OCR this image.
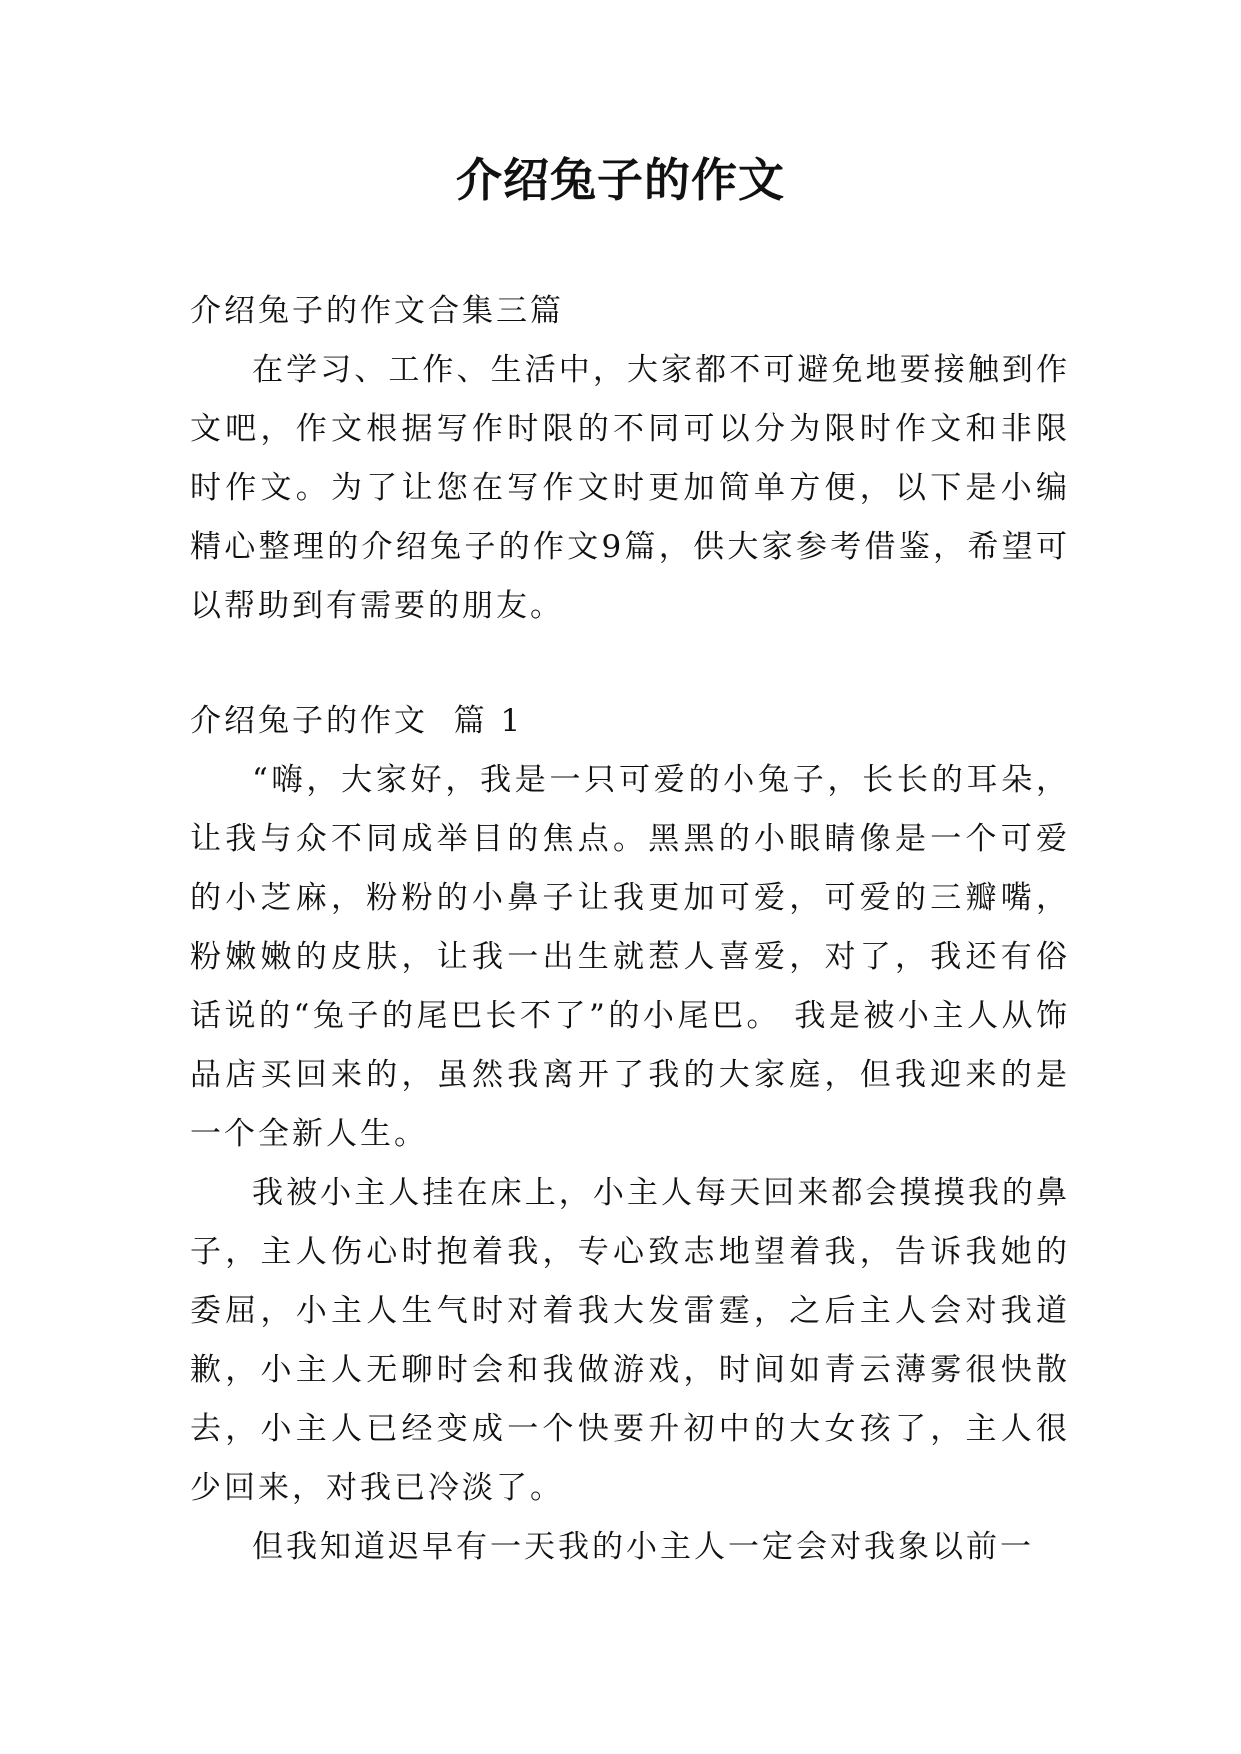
介绍兔子的作文

介绍兔子的作文合集三篇

在学习、工作、生活中，大家都不可避免地要接触到作文吧，作文根据写作时限的不同可以分为限时作文和非限时作文。为了让您在写作文时更加简单方便，以下是小编精心整理的介绍兔子的作文9篇，供大家参考借鉴，希望可以帮助到有需要的朋友。

介绍兔子的作文  篇 1

“嗨，大家好，我是一只可爱的小兔子，长长的耳朵，让我与众不同成举目的焦点。黑黑的小眼睛像是一个可爱的小芝麻，粉粉的小鼻子让我更加可爱，可爱的三瓣嘴，粉嫩嫩的皮肤，让我一出生就惹人喜爱，对了，我还有俗话说的“兔子的尾巴长不了”的小尾巴。 我是被小主人从饰品店买回来的，虽然我离开了我的大家庭，但我迎来的是一个全新人生。

我被小主人挂在床上，小主人每天回来都会摸摸我的鼻子，主人伤心时抱着我，专心致志地望着我，告诉我她的委屈，小主人生气时对着我大发雷霆，之后主人会对我道歉，小主人无聊时会和我做游戏，时间如青云薄雾很快散去，小主人已经变成一个快要升初中的大女孩了，主人很少回来，对我已冷淡了。

但我知道迟早有一天我的小主人一定会对我象以前一
